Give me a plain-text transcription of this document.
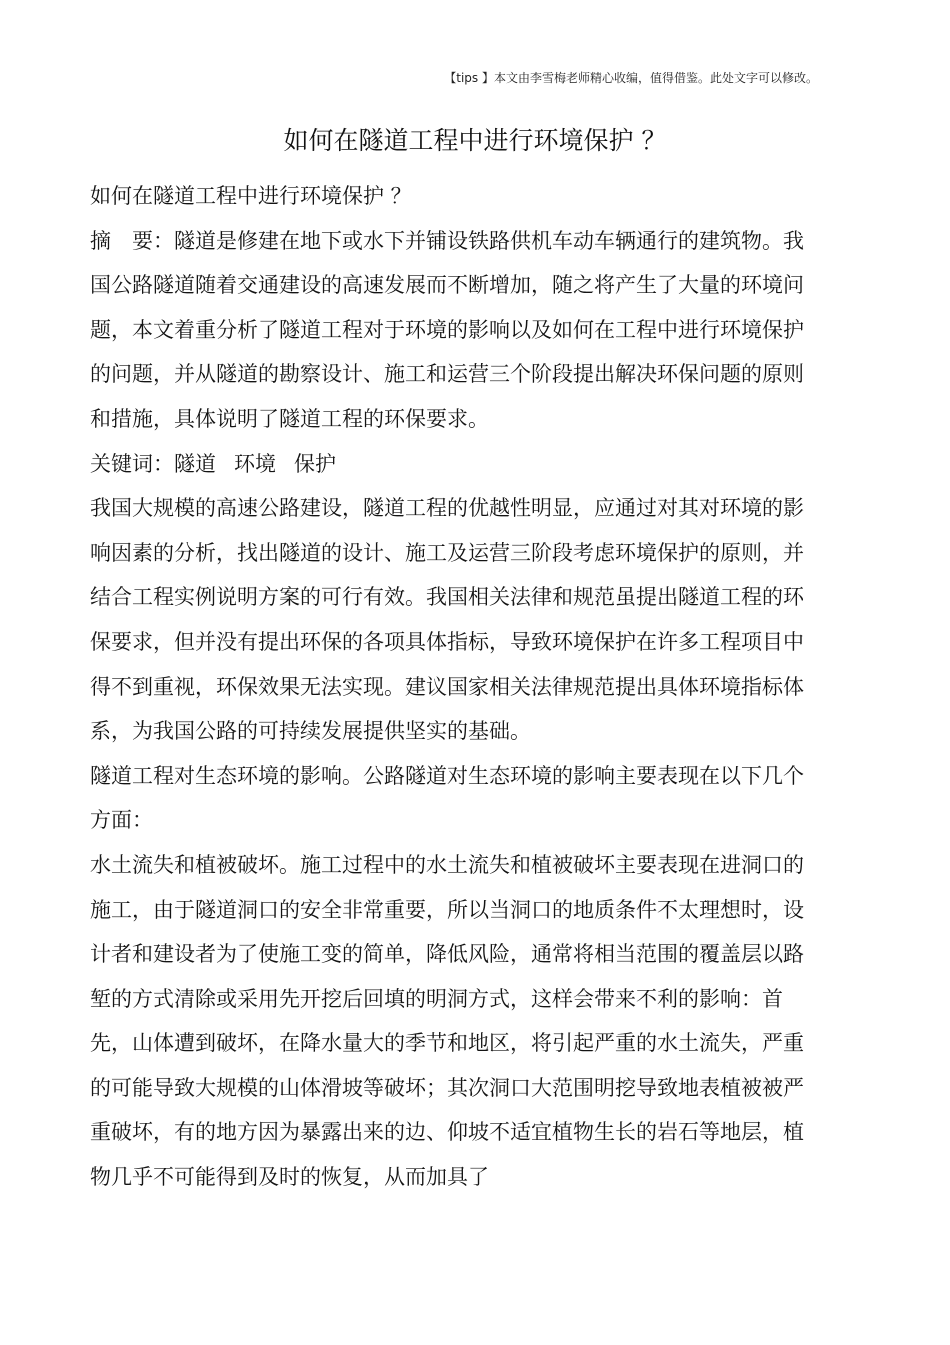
【tips 】本文由李雪梅老师精心收编，值得借鉴。此处文字可以修改。
如何在隧道工程中进行环境保护 ？

如何在隧道工程中进行环境保护 ？

摘　要：隧道是修建在地下或水下并铺设铁路供机车动车辆通行的建筑物。我国公路隧道随着交通建设的高速发展而不断增加，随之将产生了大量的环境问题，本文着重分析了隧道工程对于环境的影响以及如何在工程中进行环境保护的问题，并从隧道的勘察设计、施工和运营三个阶段提出解决环保问题的原则和措施，具体说明了隧道工程的环保要求。

关键词：隧道 环境 保护

我国大规模的高速公路建设，隧道工程的优越性明显，应通过对其对环境的影响因素的分析，找出隧道的设计、施工及运营三阶段考虑环境保护的原则，并结合工程实例说明方案的可行有效。我国相关法律和规范虽提出隧道工程的环保要求，但并没有提出环保的各项具体指标，导致环境保护在许多工程项目中得不到重视，环保效果无法实现。建议国家相关法律规范提出具体环境指标体系，为我国公路的可持续发展提供坚实的基础。

隧道工程对生态环境的影响。公路隧道对生态环境的影响主要表现在以下几个方面：

水土流失和植被破坏。施工过程中的水土流失和植被破坏主要表现在进洞口的施工，由于隧道洞口的安全非常重要，所以当洞口的地质条件不太理想时，设计者和建设者为了使施工变的简单，降低风险，通常将相当范围的覆盖层以路堑的方式清除或采用先开挖后回填的明洞方式，这样会带来不利的影响：首先，山体遭到破坏，在降水量大的季节和地区，将引起严重的水土流失，严重的可能导致大规模的山体滑坡等破坏；其次洞口大范围明挖导致地表植被被严重破坏，有的地方因为暴露出来的边、仰坡不适宜植物生长的岩石等地层，植物几乎不可能得到及时的恢复，从而加具了
